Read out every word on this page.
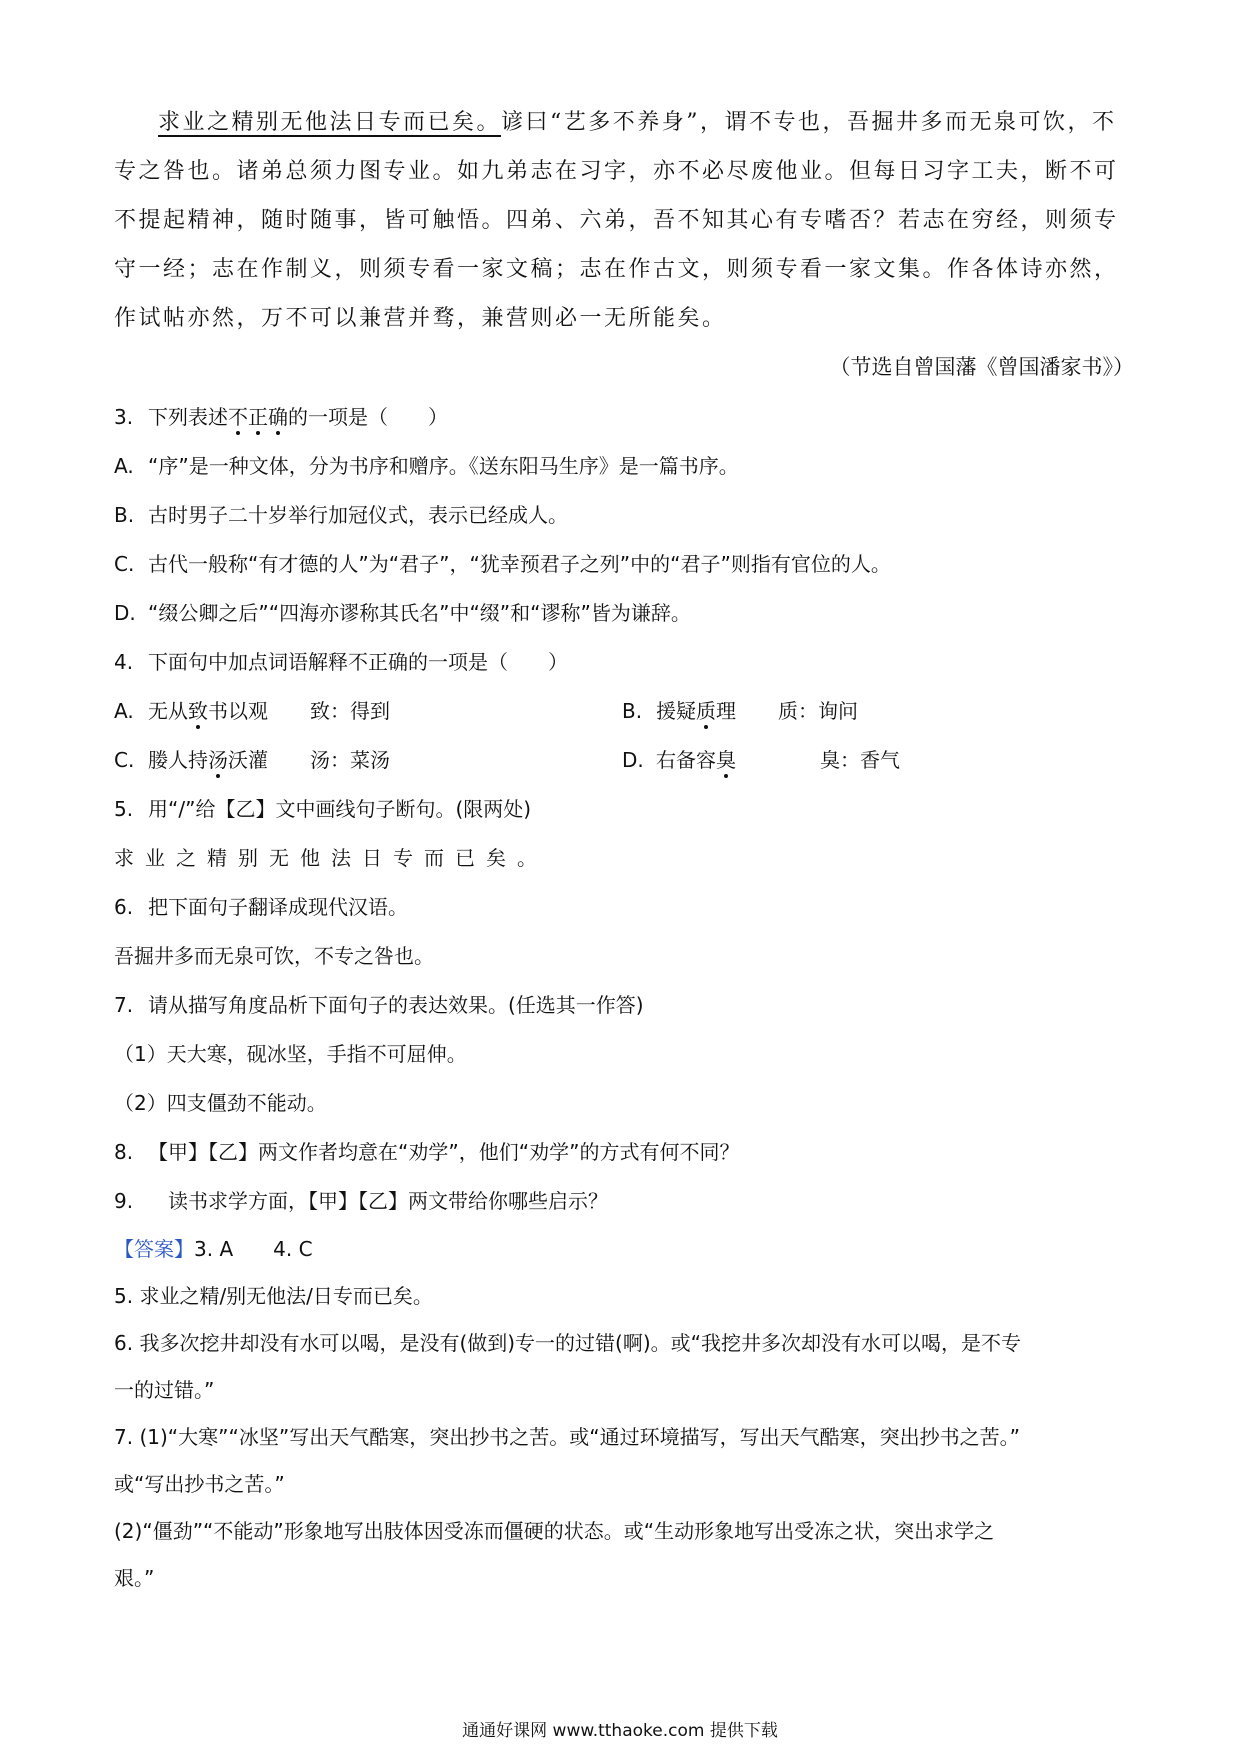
求业之精别无他法日专而已矣。谚曰“艺多不养身”，谓不专也，吾掘井多而无泉可饮，不专之咎也。诸弟总须力图专业。如九弟志在习字，亦不必尽废他业。但每日习字工夫，断不可不提起精神，随时随事，皆可触悟。四弟、六弟，吾不知其心有专嗜否？若志在穷经，则须专守一经；志在作制义，则须专看一家文稿；志在作古文，则须专看一家文集。作各体诗亦然，作试帖亦然，万不可以兼营并骛，兼营则必一无所能矣。
（节选自曾国藩《曾国潘家书》）
3. 下列表述不正确的一项是（　　）
A. “序”是一种文体，分为书序和赠序。《送东阳马生序》是一篇书序。
B. 古时男子二十岁举行加冠仪式，表示已经成人。
C. 古代一般称“有才德的人”为“君子”，“犹幸预君子之列”中的“君子”则指有官位的人。
D. “缀公卿之后”“四海亦谬称其氏名”中“缀”和“谬称”皆为谦辞。
4. 下面句中加点词语解释不正确的一项是（　　）
A. 无从致书以观 致：得到	B. 援疑质理 质：询问
C. 媵人持汤沃灌 汤：菜汤	D. 右备容臭	臭：香气
5. 用“/”给【乙】文中画线句子断句。(限两处)
求业之精别无他法日专而已矣。
6. 把下面句子翻译成现代汉语。
吾掘井多而无泉可饮，不专之咎也。
7. 请从描写角度品析下面句子的表达效果。(任选其一作答)
（1）天大寒，砚冰坚，手指不可屈伸。
（2）四支僵劲不能动。
8. 【甲】【乙】两文作者均意在“劝学”，他们“劝学”的方式有何不同？
9. 读书求学方面，【甲】【乙】两文带给你哪些启示？
【答案】3. A 4. C
5. 求业之精/别无他法/日专而已矣。
6. 我多次挖井却没有水可以喝，是没有(做到)专一的过错(啊)。或“我挖井多次却没有水可以喝，是不专
一的过错。”
7. (1)“大寒”“冰坚”写出天气酷寒，突出抄书之苦。或“通过环境描写，写出天气酷寒，突出抄书之苦。”
或“写出抄书之苦。”
(2)“僵劲”“不能动”形象地写出肢体因受冻而僵硬的状态。或“生动形象地写出受冻之状，突出求学之
艰。”
通通好课网 www.tthaoke.com 提供下载
